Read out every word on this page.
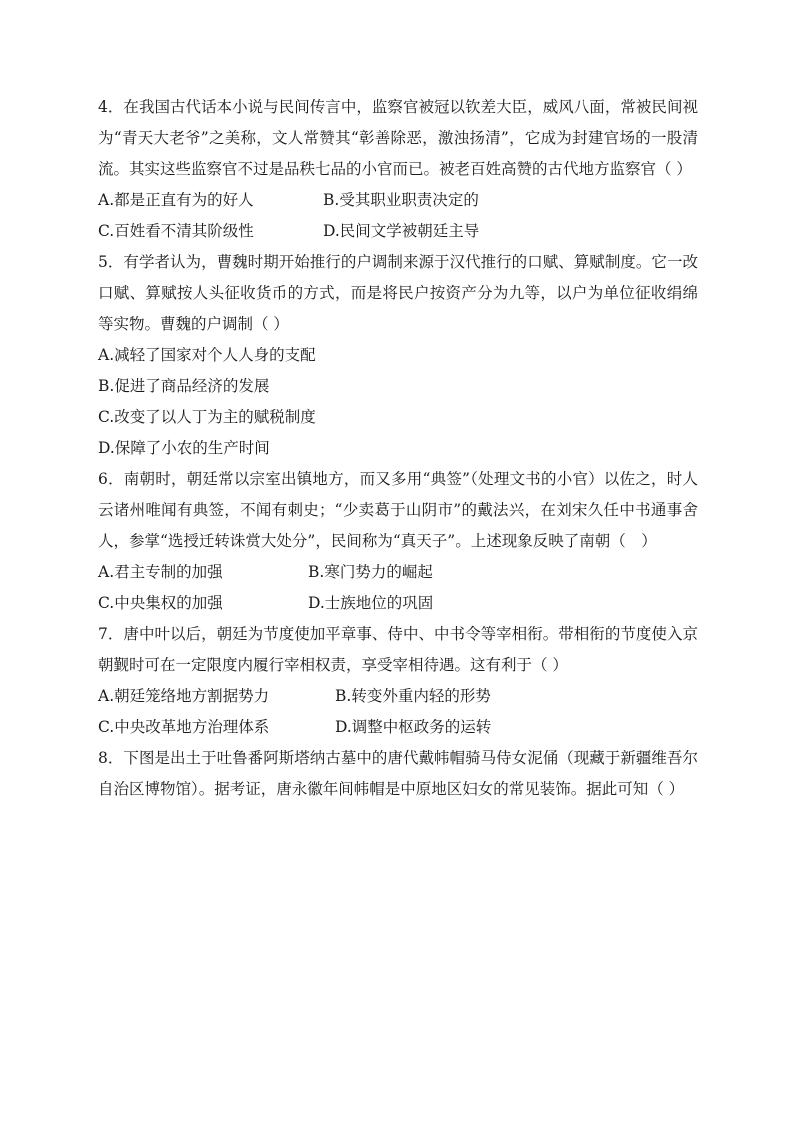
4．在我国古代话本小说与民间传言中，监察官被冠以钦差大臣，威风八面，常被民间视为“青天大老爷”之美称，文人常赞其“彰善除恶，激浊扬清”，它成为封建官场的一股清流。其实这些监察官不过是品秩七品的小官而已。被老百姓高赞的古代地方监察官（ ）

A.都是正直有为的好人	B.受其职业职责决定的
C.百姓看不清其阶级性	D.民间文学被朝廷主导

5．有学者认为，曹魏时期开始推行的户调制来源于汉代推行的口赋、算赋制度。它一改口赋、算赋按人头征收货币的方式，而是将民户按资产分为九等，以户为单位征收绢绵等实物。曹魏的户调制（ ）

A.减轻了国家对个人人身的支配
B.促进了商品经济的发展
C.改变了以人丁为主的赋税制度
D.保障了小农的生产时间

6．南朝时，朝廷常以宗室出镇地方，而又多用“典签”（处理文书的小官）以佐之，时人云诸州唯闻有典签，不闻有刺史；“少卖葛于山阴市”的戴法兴，在刘宋久任中书通事舍人，参掌“选授迁转诛赏大处分”，民间称为“真天子”。上述现象反映了南朝（　）

A.君主专制的加强	B.寒门势力的崛起
C.中央集权的加强	D.士族地位的巩固

7．唐中叶以后，朝廷为节度使加平章事、侍中、中书令等宰相衔。带相衔的节度使入京朝觐时可在一定限度内履行宰相权责，享受宰相待遇。这有利于（ ）

A.朝廷笼络地方割据势力	B.转变外重内轻的形势
C.中央改革地方治理体系	D.调整中枢政务的运转

8．下图是出土于吐鲁番阿斯塔纳古墓中的唐代戴帏帽骑马侍女泥俑（现藏于新疆维吾尔自治区博物馆）。据考证，唐永徽年间帏帽是中原地区妇女的常见装饰。据此可知（ ）
